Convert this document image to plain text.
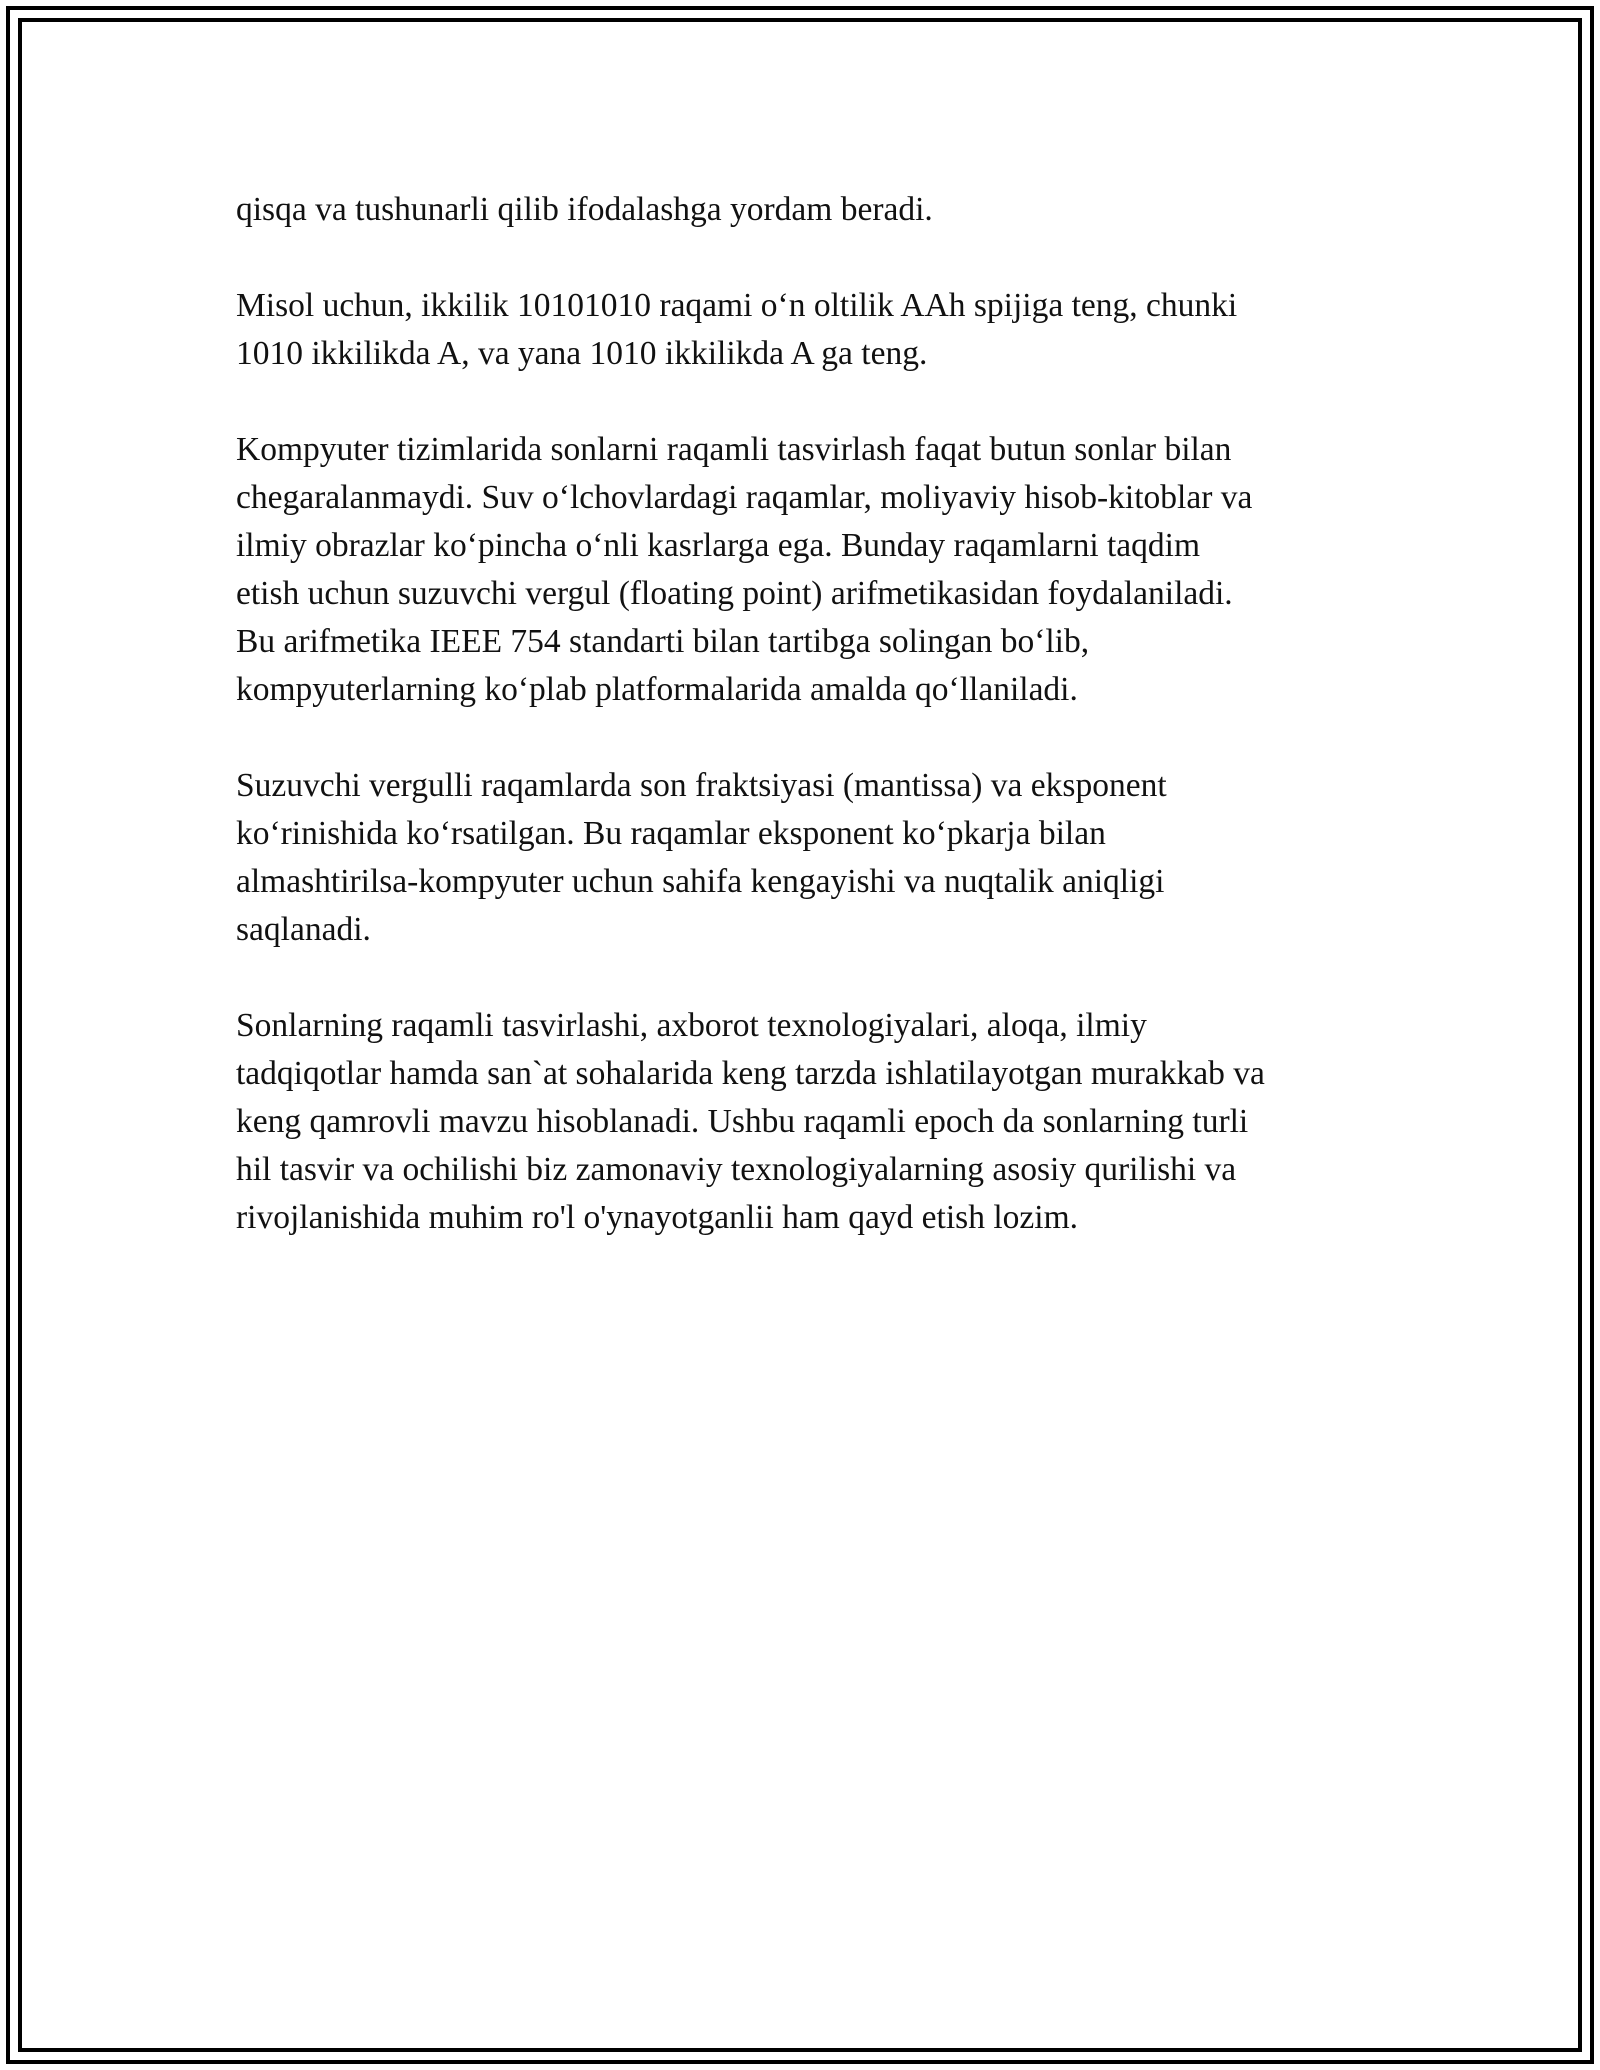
qisqa va tushunarli qilib ifodalashga yordam beradi.

Misol uchun, ikkilik 10101010 raqami o‘n oltilik AAh spijiga teng, chunki
1010 ikkilikda A, va yana 1010 ikkilikda A ga teng.

Kompyuter tizimlarida sonlarni raqamli tasvirlash faqat butun sonlar bilan
chegaralanmaydi. Suv o‘lchovlardagi raqamlar, moliyaviy hisob-kitoblar va
ilmiy obrazlar ko‘pincha o‘nli kasrlarga ega. Bunday raqamlarni taqdim
etish uchun suzuvchi vergul (floating point) arifmetikasidan foydalaniladi.
Bu arifmetika IEEE 754 standarti bilan tartibga solingan bo‘lib,
kompyuterlarning ko‘plab platformalarida amalda qo‘llaniladi.

Suzuvchi vergulli raqamlarda son fraktsiyasi (mantissa) va eksponent
ko‘rinishida ko‘rsatilgan. Bu raqamlar eksponent ko‘pkarja bilan
almashtirilsa-kompyuter uchun sahifa kengayishi va nuqtalik aniqligi
saqlanadi.

Sonlarning raqamli tasvirlashi, axborot texnologiyalari, aloqa, ilmiy
tadqiqotlar hamda san`at sohalarida keng tarzda ishlatilayotgan murakkab va
keng qamrovli mavzu hisoblanadi. Ushbu raqamli epoch da sonlarning turli
hil tasvir va ochilishi biz zamonaviy texnologiyalarning asosiy qurilishi va
rivojlanishida muhim ro'l o'ynayotganlii ham qayd etish lozim.
